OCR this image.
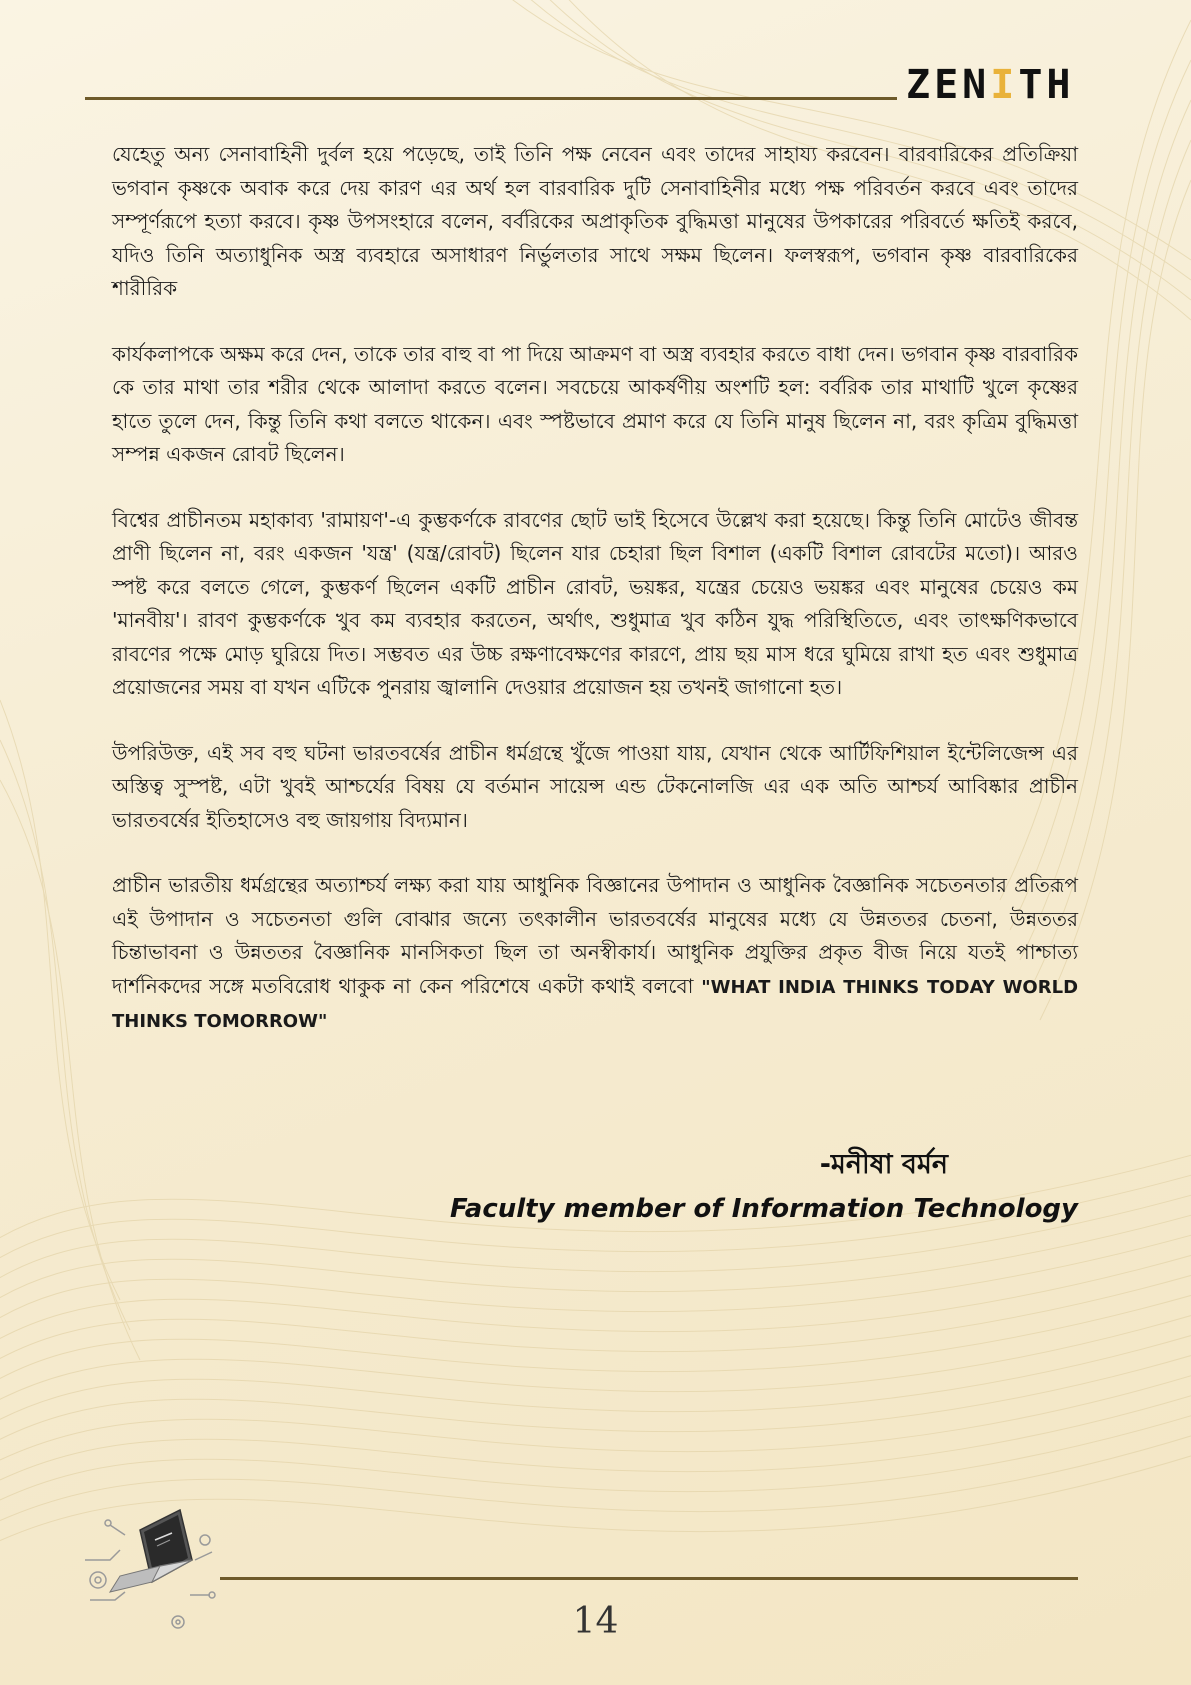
ZEN I TH

যেহেতু অন্য সেনাবাহিনী দুর্বল হয়ে পড়েছে, তাই তিনি পক্ষ নেবেন এবং তাদের সাহায্য করবেন। বারবারিকের প্রতিক্রিয়া ভগবান কৃষ্ণকে অবাক করে দেয় কারণ এর অর্থ হল বারবারিক দুটি সেনাবাহিনীর মধ্যে পক্ষ পরিবর্তন করবে এবং তাদের সম্পূর্ণরূপে হত্যা করবে। কৃষ্ণ উপসংহারে বলেন, বর্বরিকের অপ্রাকৃতিক বুদ্ধিমত্তা মানুষের উপকারের পরিবর্তে ক্ষতিই করবে, যদিও তিনি অত্যাধুনিক অস্ত্র ব্যবহারে অসাধারণ নির্ভুলতার সাথে সক্ষম ছিলেন। ফলস্বরূপ, ভগবান কৃষ্ণ বারবারিকের শারীরিক

কার্যকলাপকে অক্ষম করে দেন, তাকে তার বাহু বা পা দিয়ে আক্রমণ বা অস্ত্র ব্যবহার করতে বাধা দেন। ভগবান কৃষ্ণ বারবারিক কে তার মাথা তার শরীর থেকে আলাদা করতে বলেন। সবচেয়ে আকর্ষণীয় অংশটি হল: বর্বরিক তার মাথাটি খুলে কৃষ্ণের হাতে তুলে দেন, কিন্তু তিনি কথা বলতে থাকেন। এবং স্পষ্টভাবে প্রমাণ করে যে তিনি মানুষ ছিলেন না, বরং কৃত্রিম বুদ্ধিমত্তা সম্পন্ন একজন রোবট ছিলেন।

বিশ্বের প্রাচীনতম মহাকাব্য 'রামায়ণ'-এ কুম্ভকর্ণকে রাবণের ছোট ভাই হিসেবে উল্লেখ করা হয়েছে। কিন্তু তিনি মোটেও জীবন্ত প্রাণী ছিলেন না, বরং একজন 'যন্ত্র' (যন্ত্র/রোবট) ছিলেন যার চেহারা ছিল বিশাল (একটি বিশাল রোবটের মতো)। আরও স্পষ্ট করে বলতে গেলে, কুম্ভকর্ণ ছিলেন একটি প্রাচীন রোবট, ভয়ঙ্কর, যন্ত্রের চেয়েও ভয়ঙ্কর এবং মানুষের চেয়েও কম 'মানবীয়'। রাবণ কুম্ভকর্ণকে খুব কম ব্যবহার করতেন, অর্থাৎ, শুধুমাত্র খুব কঠিন যুদ্ধ পরিস্থিতিতে, এবং তাৎক্ষণিকভাবে রাবণের পক্ষে মোড় ঘুরিয়ে দিত। সম্ভবত এর উচ্চ রক্ষণাবেক্ষণের কারণে, প্রায় ছয় মাস ধরে ঘুমিয়ে রাখা হত এবং শুধুমাত্র প্রয়োজনের সময় বা যখন এটিকে পুনরায় জ্বালানি দেওয়ার প্রয়োজন হয় তখনই জাগানো হত।

উপরিউক্ত, এই সব বহু ঘটনা ভারতবর্ষের প্রাচীন ধর্মগ্রন্থে খুঁজে পাওয়া যায়, যেখান থেকে আর্টিফিশিয়াল ইন্টেলিজেন্স এর অস্তিত্ব সুস্পষ্ট, এটা খুবই আশ্চর্যের বিষয় যে বর্তমান সায়েন্স এন্ড টেকনোলজি এর এক অতি আশ্চর্য আবিষ্কার প্রাচীন ভারতবর্ষের ইতিহাসেও বহু জায়গায় বিদ্যমান।

প্রাচীন ভারতীয় ধর্মগ্রন্থের অত্যাশ্চর্য লক্ষ্য করা যায় আধুনিক বিজ্ঞানের উপাদান ও আধুনিক বৈজ্ঞানিক সচেতনতার প্রতিরূপ এই উপাদান ও সচেতনতা গুলি বোঝার জন্যে তৎকালীন ভারতবর্ষের মানুষের মধ্যে যে উন্নততর চেতনা, উন্নততর চিন্তাভাবনা ও উন্নততর বৈজ্ঞানিক মানসিকতা ছিল তা অনস্বীকার্য। আধুনিক প্রযুক্তির প্রকৃত বীজ নিয়ে যতই পাশ্চাত্য দার্শনিকদের সঙ্গে মতবিরোধ থাকুক না কেন পরিশেষে একটা কথাই বলবো "WHAT INDIA THINKS TODAY WORLD THINKS TOMORROW"

-মনীষা বর্মন
Faculty member of Information Technology
14
